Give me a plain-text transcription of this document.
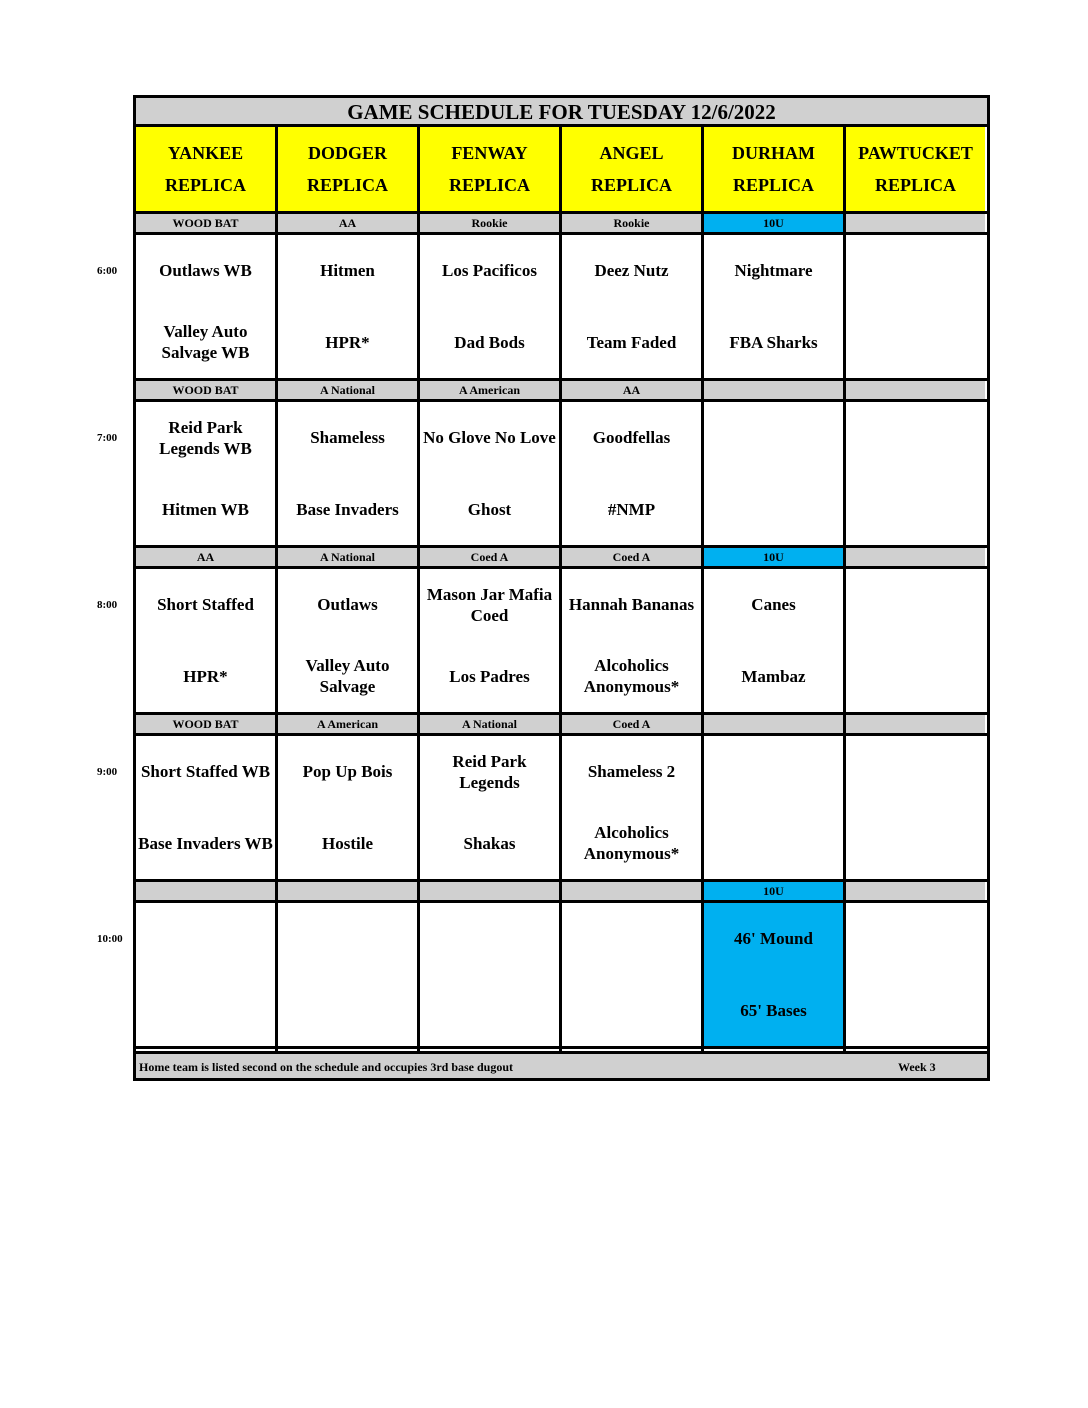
GAME SCHEDULE FOR TUESDAY 12/6/2022
YANKEE
REPLICA
DODGER
REPLICA
FENWAY
REPLICA
ANGEL
REPLICA
DURHAM
REPLICA
PAWTUCKET
REPLICA
WOOD BAT
Outlaws WB
Valley Auto Salvage WB
AA
Hitmen
HPR*
Rookie
Los Pacificos
Dad Bods
Rookie
Deez Nutz
Team Faded
10U
Nightmare
FBA Sharks
WOOD BAT
Reid Park Legends WB
Hitmen WB
A National
Shameless
Base Invaders
A American
No Glove No Love
Ghost
AA
Goodfellas
#NMP
AA
Short Staffed
HPR*
A National
Outlaws
Valley Auto Salvage
Coed A
Mason Jar Mafia Coed
Los Padres
Coed A
Hannah Bananas
Alcoholics Anonymous*
10U
Canes
Mambaz
WOOD BAT
Short Staffed WB
Base Invaders WB
A American
Pop Up Bois
Hostile
A National
Reid Park Legends
Shakas
Coed A
Shameless 2
Alcoholics Anonymous*
10U
46' Mound
65' Bases
Home team is listed second on the schedule and occupies 3rd base dugout	Week 3
6:00
7:00
8:00
9:00
10:00
